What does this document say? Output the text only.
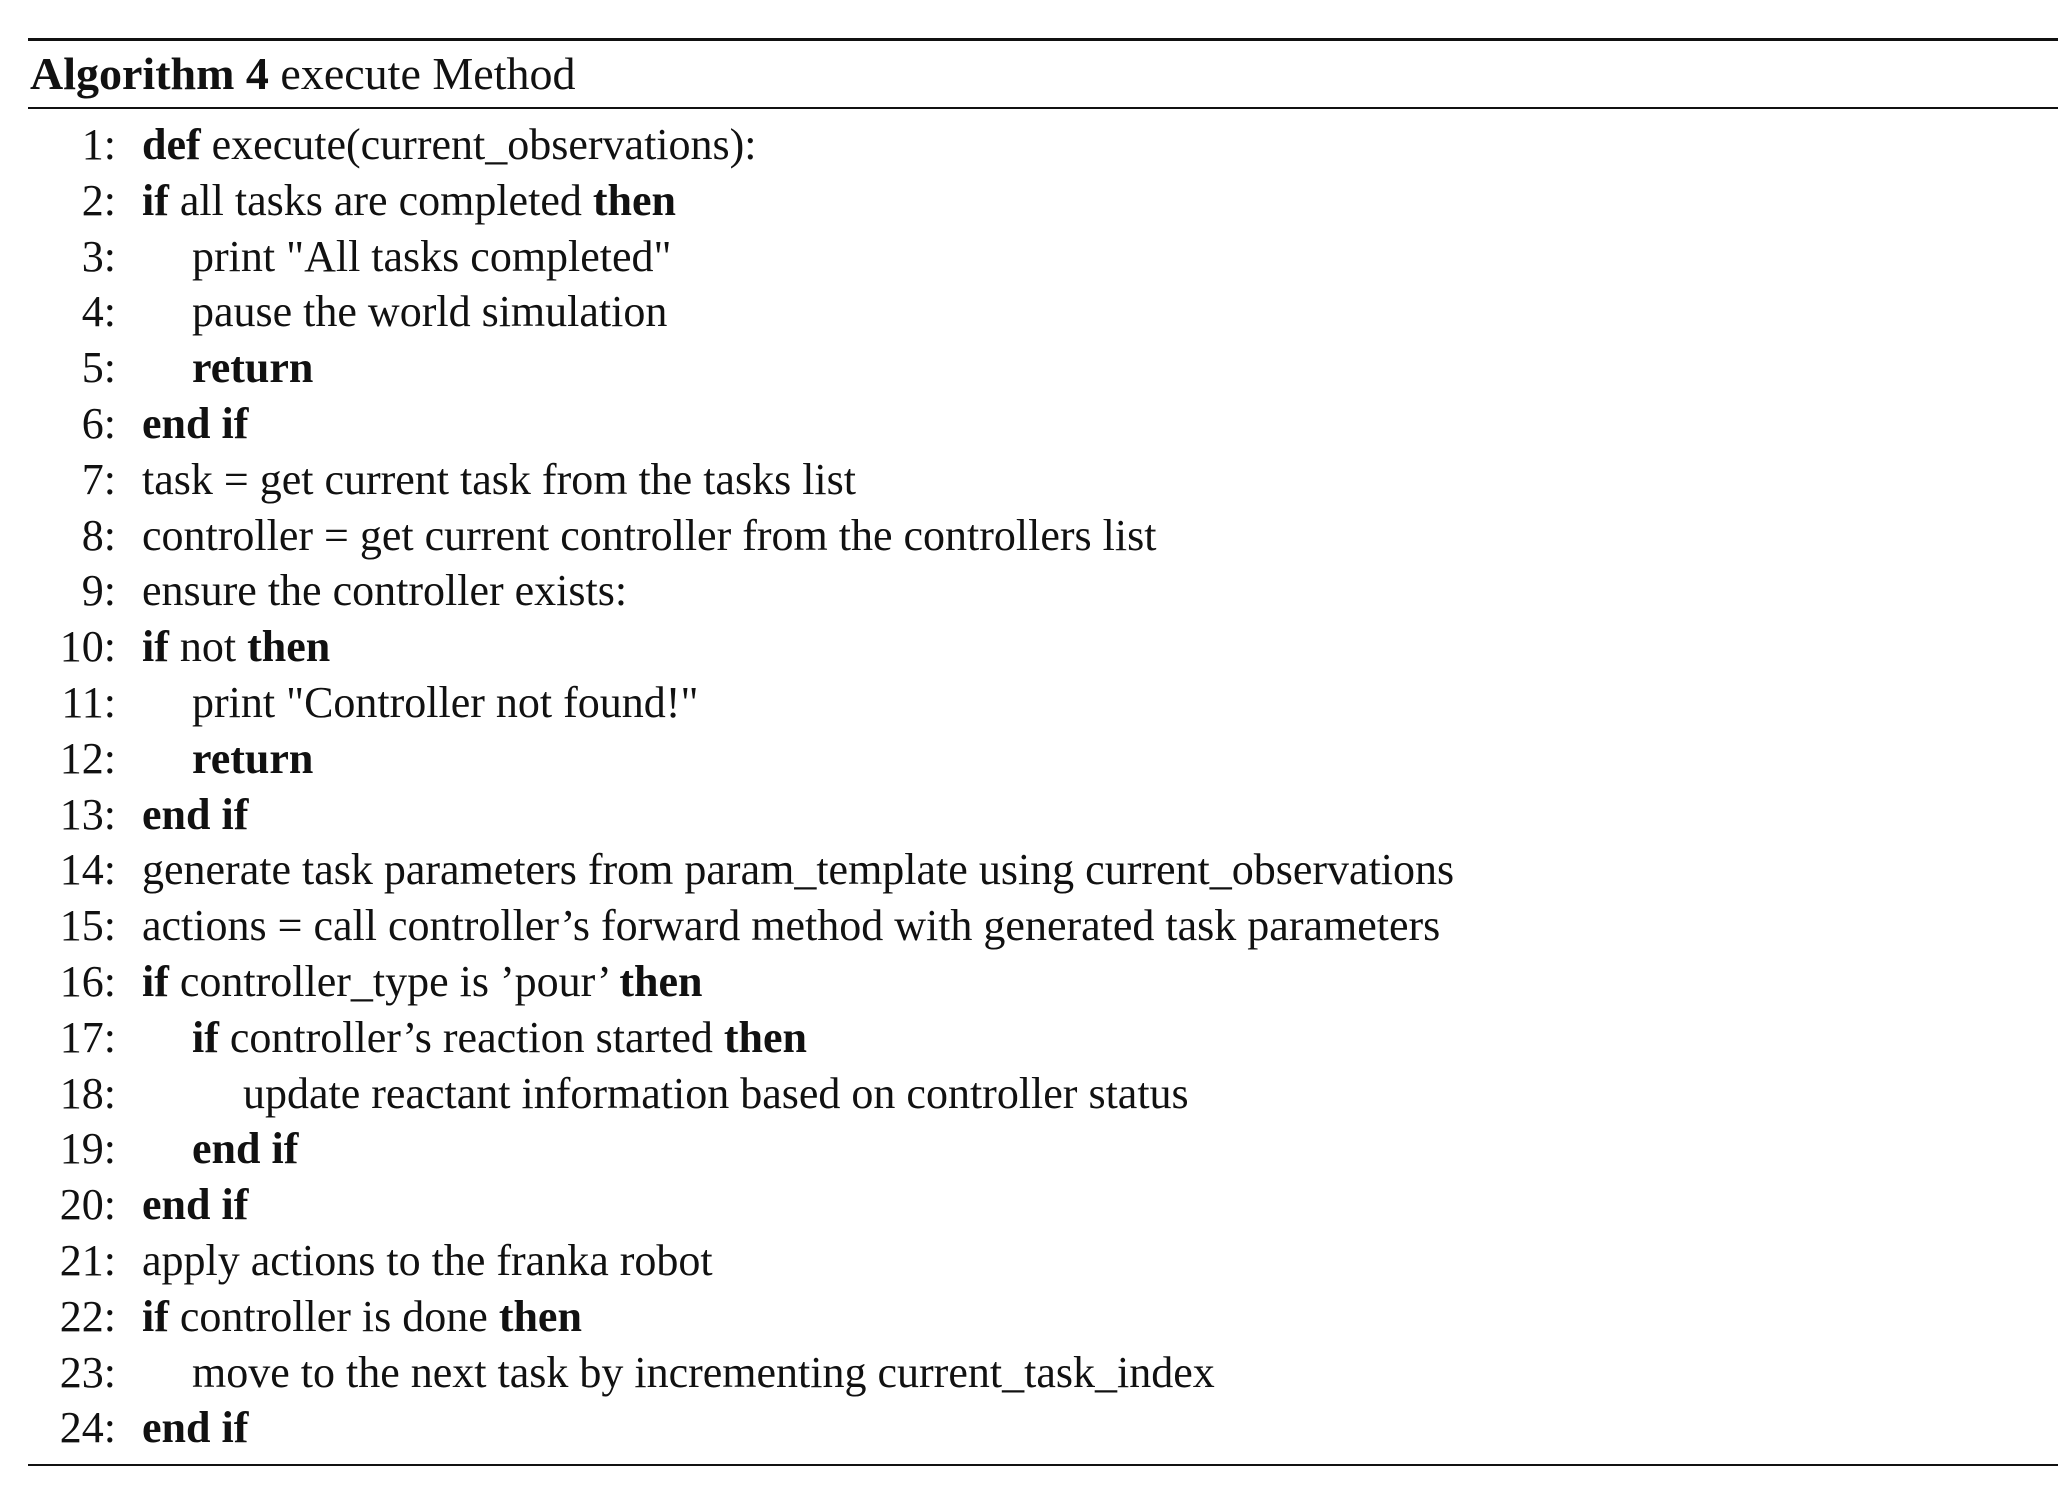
Algorithm 4 execute Method
1: def execute(current_observations):
2: if all tasks are completed then
3: print "All tasks completed"
4: pause the world simulation
5: return
6: end if
7: task = get current task from the tasks list
8: controller = get current controller from the controllers list
9: ensure the controller exists:
10: if not then
11: print "Controller not found!"
12: return
13: end if
14: generate task parameters from param_template using current_observations
15: actions = call controller’s forward method with generated task parameters
16: if controller_type is ’pour’ then
17: if controller’s reaction started then
18:	update reactant information based on controller status
19: end if
20: end if
21: apply actions to the franka robot
22: if controller is done then
23: move to the next task by incrementing current_task_index
24: end if
